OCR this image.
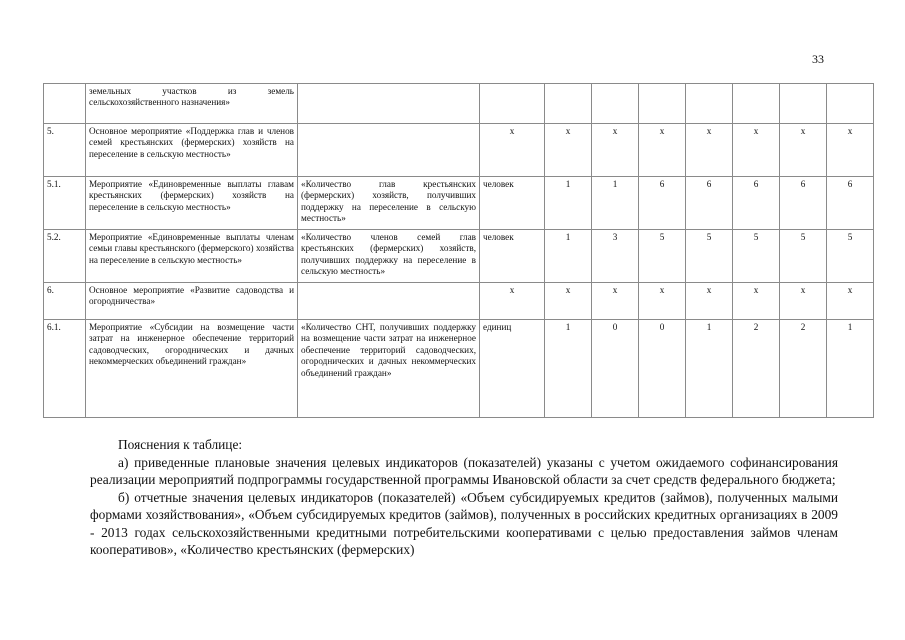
33

	земельных участков из земель сельскохозяйственного назначения»									

5.	Основное мероприятие «Поддержка глав и членов семей крестьянских (фермерских) хозяйств на переселение в сельскую местность»		х	х	х	х	х	х	х	х
5.1.	Мероприятие «Единовременные выплаты главам крестьянских (фермерских) хозяйств на переселение в сельскую местность»	«Количество глав крестьянских (фермерских) хозяйств, получивших поддержку на переселение в сельскую местность»	человек	1	1	6	6	6	6	6
5.2.	Мероприятие «Единовременные выплаты членам семьи главы крестьянского (фермерского) хозяйства на переселение в сельскую местность»	«Количество членов семей глав крестьянских (фермерских) хозяйств, получивших поддержку на переселение в сельскую местность»	человек	1	3	5	5	5	5	5
6.	Основное мероприятие «Развитие садоводства и огородничества»		х	х	х	х	х	х	х	х
6.1.	Мероприятие «Субсидии на возмещение части затрат на инженерное обеспечение территорий садоводческих, огороднических и дачных некоммерческих объединений граждан»	«Количество СНТ, получивших поддержку на возмещение части затрат на инженерное обеспечение территорий садоводческих, огороднических и дачных некоммерческих объединений граждан»	единиц	1	0	0	1	2	2	1

Пояснения к таблице:

а) приведенные плановые значения целевых индикаторов (показателей) указаны с учетом ожидаемого софинансирования реализации мероприятий подпрограммы государственной программы Ивановской области за счет средств федерального бюджета;

б) отчетные значения целевых индикаторов (показателей) «Объем субсидируемых кредитов (займов), полученных малыми формами хозяйствования», «Объем субсидируемых кредитов (займов), полученных в российских кредитных организациях в 2009 - 2013 годах сельскохозяйственными кредитными потребительскими кооперативами с целью предоставления займов членам кооперативов», «Количество крестьянских (фермерских)
